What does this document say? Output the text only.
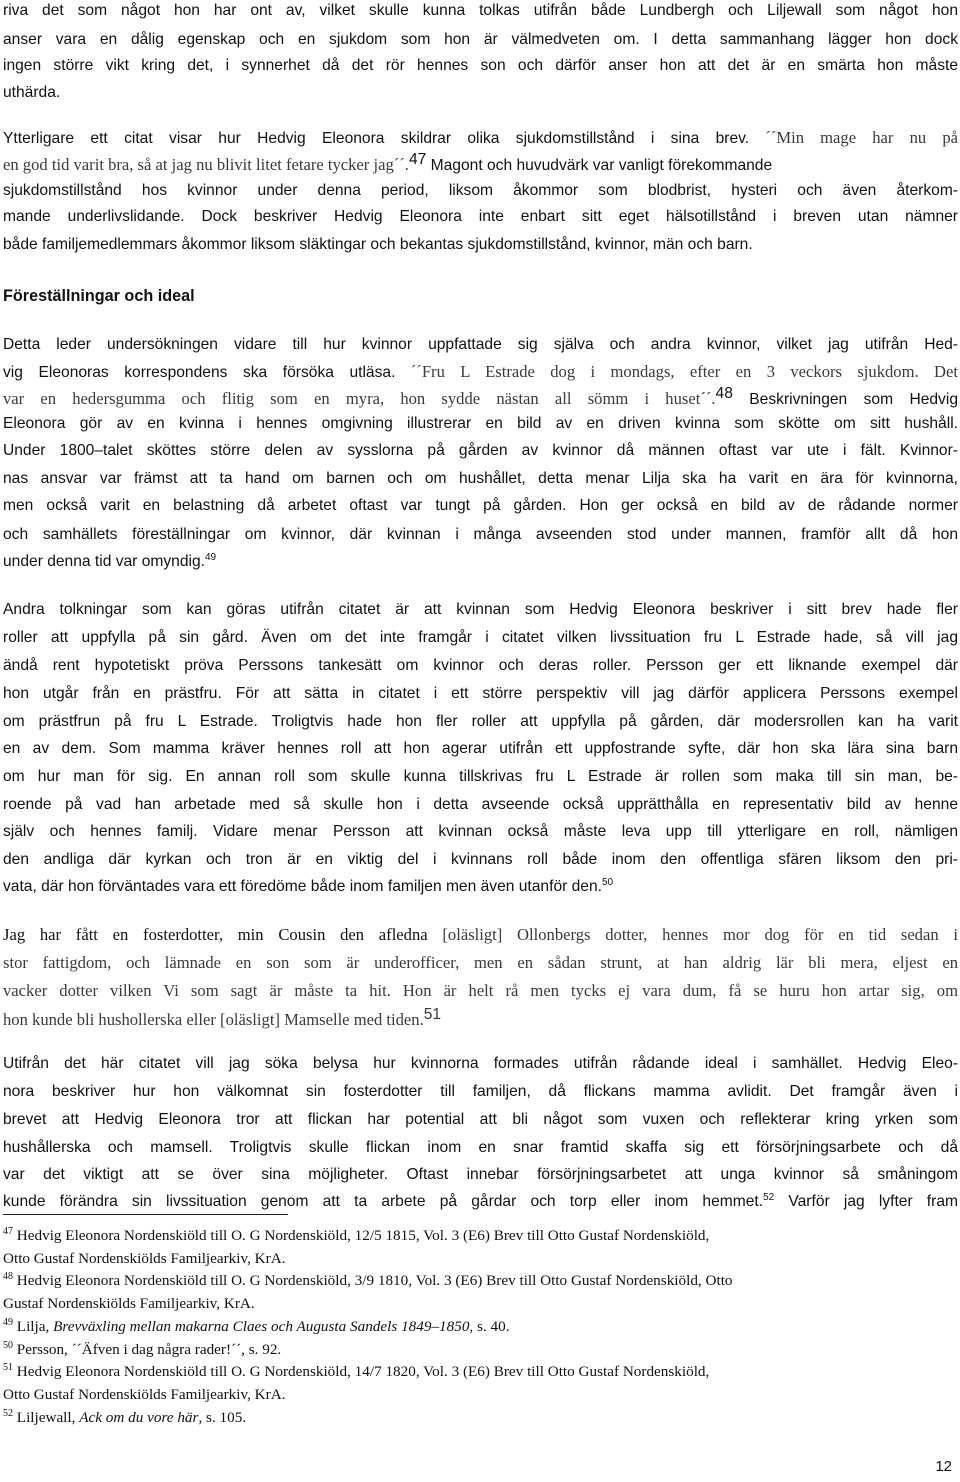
riva det som något hon har ont av, vilket skulle kunna tolkas utifrån både Lundbergh och Liljewall som något hon
anser vara en dålig egenskap och en sjukdom som hon är välmedveten om. I detta sammanhang lägger hon dock
ingen större vikt kring det, i synnerhet då det rör hennes son och därför anser hon att det är en smärta hon måste
uthärda.
Ytterligare ett citat visar hur Hedvig Eleonora skildrar olika sjukdomstillstånd i sina brev. ´´Min mage har nu på
en god tid varit bra, så at jag nu blivit litet fetare tycker jag´´.$^{47}$ Magont och huvudvärk var vanligt förekommande
sjukdomstillstånd hos kvinnor under denna period, liksom åkommor som blodbrist, hysteri och även återkom-
mande underlivslidande. Dock beskriver Hedvig Eleonora inte enbart sitt eget hälsotillstånd i breven utan nämner
både familjemedlemmars åkommor liksom släktingar och bekantas sjukdomstillstånd, kvinnor, män och barn.
Föreställningar och ideal
Detta leder undersökningen vidare till hur kvinnor uppfattade sig själva och andra kvinnor, vilket jag utifrån Hed-
vig Eleonoras korrespondens ska försöka utläsa. ´´Fru L Estrade dog i mondags, efter en 3 veckors sjukdom. Det
var en hedersgumma och flitig som en myra, hon sydde nästan all sömm i huset´´.$^{48}$ Beskrivningen som Hedvig
Eleonora gör av en kvinna i hennes omgivning illustrerar en bild av en driven kvinna som skötte om sitt hushåll.
Under 1800–talet sköttes större delen av sysslorna på gården av kvinnor då männen oftast var ute i fält. Kvinnor-
nas ansvar var främst att ta hand om barnen och om hushållet, detta menar Lilja ska ha varit en ära för kvinnorna,
men också varit en belastning då arbetet oftast var tungt på gården. Hon ger också en bild av de rådande normer
och samhällets föreställningar om kvinnor, där kvinnan i många avseenden stod under mannen, framför allt då hon
under denna tid var omyndig.$^{49}$
Andra tolkningar som kan göras utifrån citatet är att kvinnan som Hedvig Eleonora beskriver i sitt brev hade fler
roller att uppfylla på sin gård. Även om det inte framgår i citatet vilken livssituation fru L Estrade hade, så vill jag
ändå rent hypotetiskt pröva Perssons tankesätt om kvinnor och deras roller. Persson ger ett liknande exempel där
hon utgår från en prästfru. För att sätta in citatet i ett större perspektiv vill jag därför applicera Perssons exempel
om prästfrun på fru L Estrade. Troligtvis hade hon fler roller att uppfylla på gården, där modersrollen kan ha varit
en av dem. Som mamma kräver hennes roll att hon agerar utifrån ett uppfostrande syfte, där hon ska lära sina barn
om hur man för sig. En annan roll som skulle kunna tillskrivas fru L Estrade är rollen som maka till sin man, be-
roende på vad han arbetade med så skulle hon i detta avseende också upprätthålla en representativ bild av henne
själv och hennes familj. Vidare menar Persson att kvinnan också måste leva upp till ytterligare en roll, nämligen
den andliga där kyrkan och tron är en viktig del i kvinnans roll både inom den offentliga sfären liksom den pri-
vata, där hon förväntades vara ett föredöme både inom familjen men även utanför den.$^{50}$
Jag har fått en fosterdotter, min Cousin den afledna [oläsligt] Ollonbergs dotter, hennes mor dog för en tid sedan i
stor fattigdom, och lämnade en son som är underofficer, men en sådan strunt, at han aldrig lär bli mera, eljest en
vacker dotter vilken Vi som sagt är måste ta hit. Hon är helt rå men tycks ej vara dum, få se huru hon artar sig, om
hon kunde bli hushollerska eller [oläsligt] Mamselle med tiden.$^{51}$
Utifrån det här citatet vill jag söka belysa hur kvinnorna formades utifrån rådande ideal i samhället. Hedvig Eleo-
nora beskriver hur hon välkomnat sin fosterdotter till familjen, då flickans mamma avlidit. Det framgår även i
brevet att Hedvig Eleonora tror att flickan har potential att bli något som vuxen och reflekterar kring yrken som
hushållerska och mamsell. Troligtvis skulle flickan inom en snar framtid skaffa sig ett försörjningsarbete och då
var det viktigt att se över sina möjligheter. Oftast innebar försörjningsarbetet att unga kvinnor så småningom
kunde förändra sin livssituation genom att ta arbete på gårdar och torp eller inom hemmet.$^{52}$ Varför jag lyfter fram
$^{47}$ Hedvig Eleonora Nordenskiöld till O. G Nordenskiöld, 12/5 1815, Vol. 3 (E6) Brev till Otto Gustaf Nordenskiöld,
Otto Gustaf Nordenskiölds Familjearkiv, KrA.
$^{48}$ Hedvig Eleonora Nordenskiöld till O. G Nordenskiöld, 3/9 1810, Vol. 3 (E6) Brev till Otto Gustaf Nordenskiöld, Otto
Gustaf Nordenskiölds Familjearkiv, KrA.
$^{49}$ Lilja, Brevväxling mellan makarna Claes och Augusta Sandels 1849–1850, s. 40.
$^{50}$ Persson, ´´Äfven i dag några rader!´´, s. 92.
$^{51}$ Hedvig Eleonora Nordenskiöld till O. G Nordenskiöld, 14/7 1820, Vol. 3 (E6) Brev till Otto Gustaf Nordenskiöld,
Otto Gustaf Nordenskiölds Familjearkiv, KrA.
$^{52}$ Liljewall, Ack om du vore här, s. 105.
12
